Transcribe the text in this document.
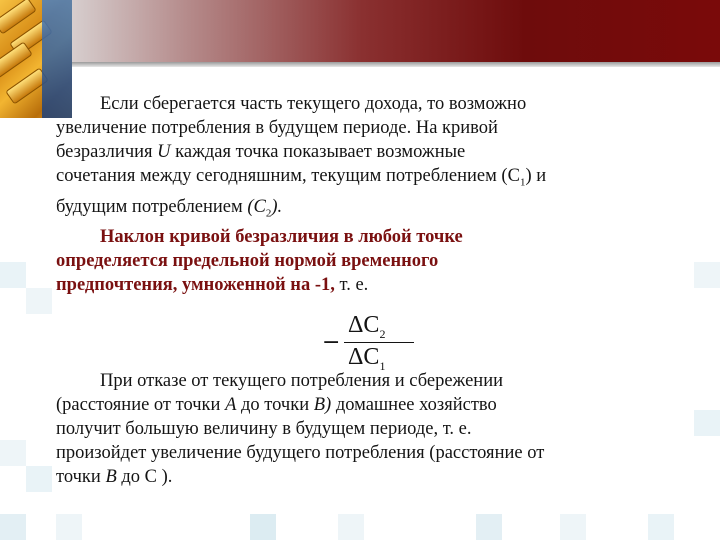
Если сберегается часть текущего дохода, то возможно
увеличение потребления в будущем периоде. На кривой
безразличия U каждая точка показывает возможные
сочетания между сегодняшним, текущим потреблением $(С_1)$ и
будущим потреблением $(С_2)$.

Наклон кривой безразличия в любой точке
определяется предельной нормой временного
предпочтения, умноженной на -1, т. е.

При отказе от текущего потребления и сбережении
(расстояние от точки А до точки В) домашнее хозяйство
получит большую величину в будущем периоде, т. е.
произойдет увеличение будущего потребления (расстояние от
точки В до С ).

−
$\Delta C_2$
$\Delta C_1$
